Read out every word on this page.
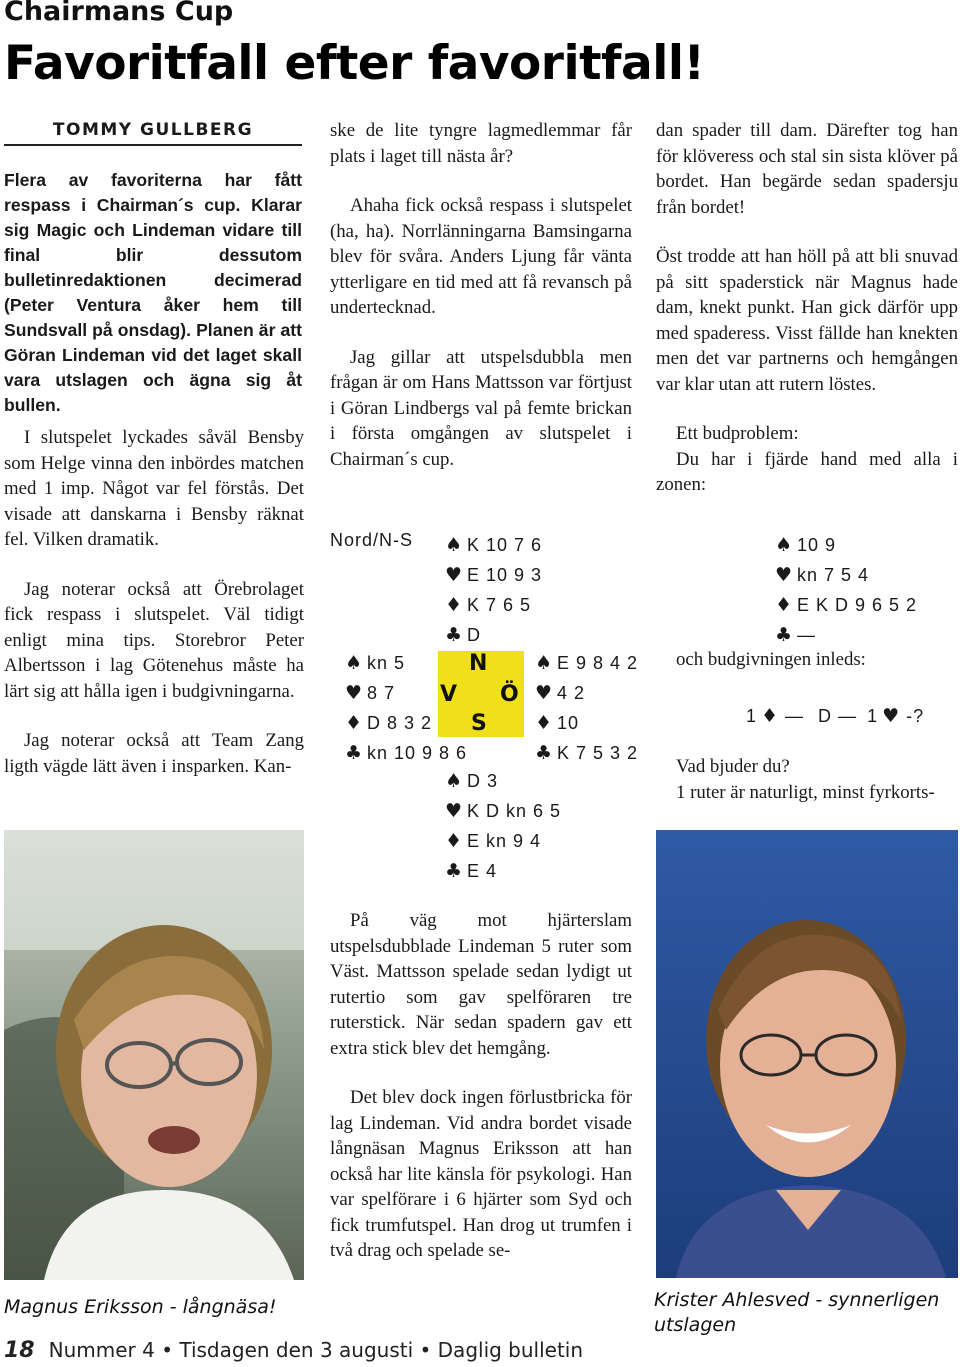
Chairmans Cup
Favoritfall efter favoritfall!
TOMMY GULLBERG
Flera av favoriterna har fått respass i Chairman´s cup. Klarar sig Magic och Lindeman vidare till final blir dessutom bulletinredaktionen decimerad (Peter Ventura åker hem till Sundsvall på onsdag). Planen är att Göran Lindeman vid det laget skall vara utslagen och ägna sig åt bullen.

I slutspelet lyckades såväl Bensby som Helge vinna den inbördes matchen med 1 imp. Något var fel förstås. Det visade att danskarna i Bensby räknat fel. Vilken dramatik.

Jag noterar också att Örebrolaget fick respass i slutspelet. Väl tidigt enligt mina tips. Storebror Peter Albertsson i lag Götenehus måste ha lärt sig att hålla igen i budgivningarna.

Jag noterar också att Team Zang ligth vägde lätt även i insparken. Kan-

ske de lite tyngre lagmedlemmar får plats i laget till nästa år?

Ahaha fick också respass i slutspelet (ha, ha). Norrlänningarna Bamsingarna blev för svåra. Anders Ljung får vänta ytterligare en tid med att få revansch på undertecknad.

Jag gillar att utspelsdubbla men frågan är om Hans Mattsson var förtjust i Göran Lindbergs val på femte brickan i första omgången av slutspelet i Chairman´s cup.

Nord/N-S ♠ K 10 7 6
♥ E 10 9 3
♦ K 7 6 5
♣ D
♠ kn 5
♥ 8 7
♦ D 8 3 2
♣ kn 10 9 8 6
N
V Ö
S
♠ E 9 8 4 2
♥ 4 2
♦ 10
♣ K 7 5 3 2
♠ D 3
♥ K D kn 6 5
♦ E kn 9 4
♣ E 4

På väg mot hjärterslam utspelsdubblade Lindeman 5 ruter som Väst. Mattsson spelade sedan lydigt ut rutertio som gav spelföraren tre ruterstick. När sedan spadern gav ett extra stick blev det hemgång.

Det blev dock ingen förlustbricka för lag Lindeman. Vid andra bordet visade långnäsan Magnus Eriksson att han också har lite känsla för psykologi. Han var spelförare i 6 hjärter som Syd och fick trumfutspel. Han drog ut trumfen i två drag och spelade se-

dan spader till dam. Därefter tog han för klöveress och stal sin sista klöver på bordet. Han begärde sedan spadersju från bordet!

Öst trodde att han höll på att bli snuvad på sitt spaderstick när Magnus hade dam, knekt punkt. Han gick därför upp med spaderess. Visst fällde han knekten men det var partnerns och hemgången var klar utan att rutern löstes.

Ett budproblem:
Du har i fjärde hand med alla i zonen:
♠ 10 9
♥ kn 7 5 4
♦ E K D 9 6 5 2
♣ —
och budgivningen inleds:
1 ♦ — D — 1 ♥ -?
Vad bjuder du?
1 ruter är naturligt, minst fyrkorts-
Magnus Eriksson - långnäsa!	Krister Ahlesved - synnerligen utslagen
18 Nummer 4 • Tisdagen den 3 augusti • Daglig bulletin
